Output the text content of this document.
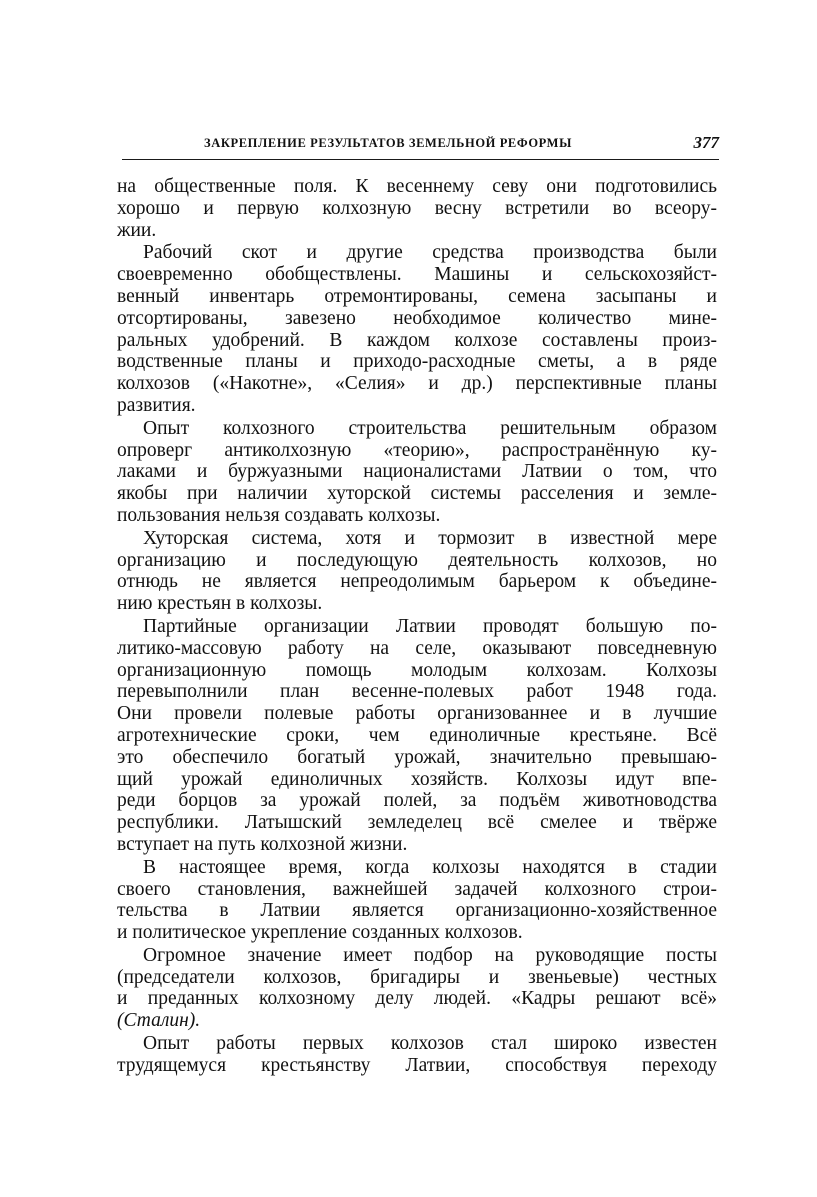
ЗАКРЕПЛЕНИЕ РЕЗУЛЬТАТОВ ЗЕМЕЛЬНОЙ РЕФОРМЫ	377
на общественные поля. К весеннему севу они подготовились
хорошо и первую колхозную весну встретили во всеору-
жии.
Рабочий скот и другие средства производства были
своевременно обобществлены. Машины и сельскохозяйст-
венный инвентарь отремонтированы, семена засыпаны и
отсортированы, завезено необходимое количество мине-
ральных удобрений. В каждом колхозе составлены произ-
водственные планы и приходо-расходные сметы, а в ряде
колхозов («Накотне», «Селия» и др.) перспективные планы
развития.
Опыт колхозного строительства решительным образом
опроверг антиколхозную «теорию», распространённую ку-
лаками и буржуазными националистами Латвии о том, что
якобы при наличии хуторской системы расселения и земле-
пользования нельзя создавать колхозы.
Хуторская система, хотя и тормозит в известной мере
организацию и последующую деятельность колхозов, но
отнюдь не является непреодолимым барьером к объедине-
нию крестьян в колхозы.
Партийные организации Латвии проводят большую по-
литико-массовую работу на селе, оказывают повседневную
организационную помощь молодым колхозам. Колхозы
перевыполнили план весенне-полевых работ 1948 года.
Они провели полевые работы организованнее и в лучшие
агротехнические сроки, чем единоличные крестьяне. Всё
это обеспечило богатый урожай, значительно превышаю-
щий урожай единоличных хозяйств. Колхозы идут впе-
реди борцов за урожай полей, за подъём животноводства
республики. Латышский земледелец всё смелее и твёрже
вступает на путь колхозной жизни.
В настоящее время, когда колхозы находятся в стадии
своего становления, важнейшей задачей колхозного строи-
тельства в Латвии является организационно-хозяйственное
и политическое укрепление созданных колхозов.
Огромное значение имеет подбор на руководящие посты
(председатели колхозов, бригадиры и звеньевые) честных
и преданных колхозному делу людей. «Кадры решают всё»
(Сталин).
Опыт работы первых колхозов стал широко известен
трудящемуся крестьянству Латвии, способствуя переходу
